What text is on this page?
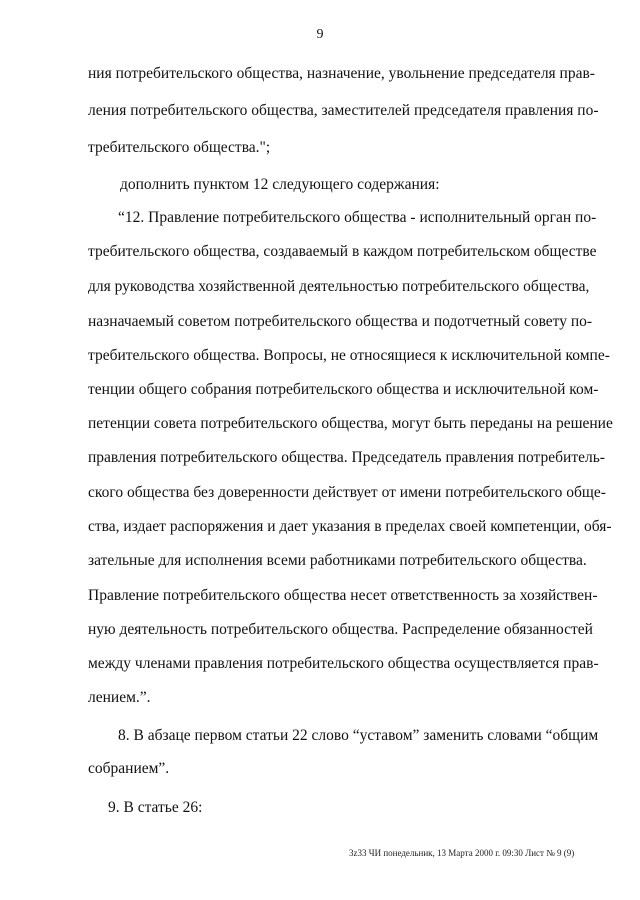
9
ния потребительского общества, назначение, увольнение председателя прав-
ления потребительского общества, заместителей председателя правления по-
требительского общества.";
дополнить пунктом 12 следующего содержания:
“12. Правление потребительского общества - исполнительный орган по-
требительского общества, создаваемый в каждом потребительском обществе
для руководства хозяйственной деятельностью потребительского общества,
назначаемый советом потребительского общества и подотчетный совету по-
требительского общества. Вопросы, не относящиеся к исключительной компе-
тенции общего собрания потребительского общества и исключительной ком-
петенции совета потребительского общества, могут быть переданы на решение
правления потребительского общества. Председатель правления потребитель-
ского общества без доверенности действует от имени потребительского обще-
ства, издает распоряжения и дает указания в пределах своей компетенции, обя-
зательные для исполнения всеми работниками потребительского общества.
Правление потребительского общества несет ответственность за хозяйствен-
ную деятельность потребительского общества. Распределение обязанностей
между членами правления потребительского общества осуществляется прав-
лением.”.
8. В абзаце первом статьи 22 слово “уставом” заменить словами “общим
собранием”.
9. В статье 26:
3z33 ЧИ понедельник, 13 Марта 2000 г. 09:30 Лист № 9 (9)
